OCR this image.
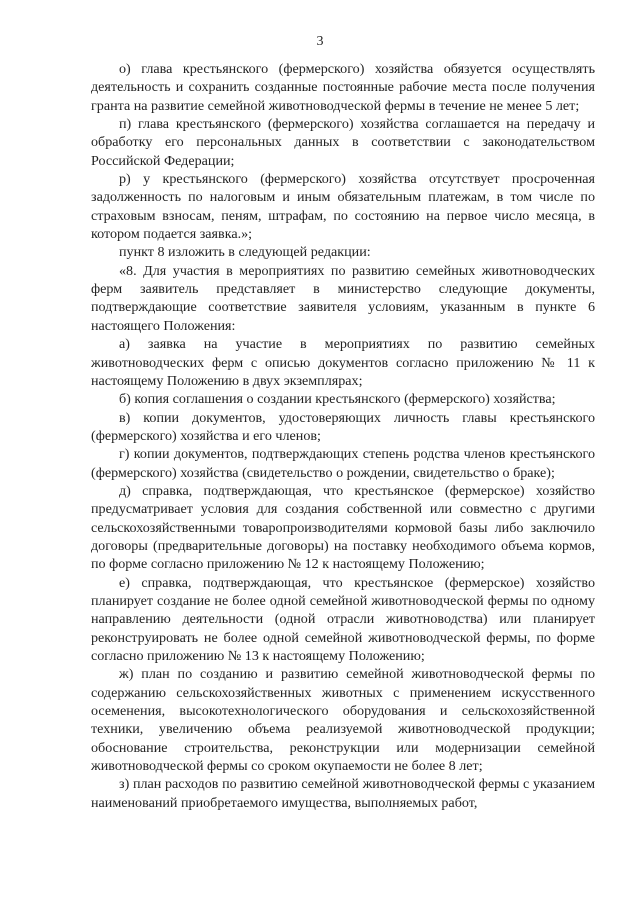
3

о) глава крестьянского (фермерского) хозяйства обязуется осуществлять деятельность и сохранить созданные постоянные рабочие места после получения гранта на развитие семейной животноводческой фермы в течение не менее 5 лет;

п) глава крестьянского (фермерского) хозяйства соглашается на передачу и обработку его персональных данных в соответствии с законодательством Российской Федерации;

р) у крестьянского (фермерского) хозяйства отсутствует просроченная задолженность по налоговым и иным обязательным платежам, в том числе по страховым взносам, пеням, штрафам, по состоянию на первое число месяца, в котором подается заявка.»;

пункт 8 изложить в следующей редакции:

«8. Для участия в мероприятиях по развитию семейных животноводческих ферм заявитель представляет в министерство следующие документы, подтверждающие соответствие заявителя условиям, указанным в пункте 6 настоящего Положения:

а) заявка на участие в мероприятиях по развитию семейных животноводческих ферм с описью документов согласно приложению № 11 к настоящему Положению в двух экземплярах;

б) копия соглашения о создании крестьянского (фермерского) хозяйства;

в) копии документов, удостоверяющих личность главы крестьянского (фермерского) хозяйства и его членов;

г) копии документов, подтверждающих степень родства членов крестьянского (фермерского) хозяйства (свидетельство о рождении, свидетельство о браке);

д) справка, подтверждающая, что крестьянское (фермерское) хозяйство предусматривает условия для создания собственной или совместно с другими сельскохозяйственными товаропроизводителями кормовой базы либо заключило договоры (предварительные договоры) на поставку необходимого объема кормов, по форме согласно приложению № 12 к настоящему Положению;

е) справка, подтверждающая, что крестьянское (фермерское) хозяйство планирует создание не более одной семейной животноводческой фермы по одному направлению деятельности (одной отрасли животноводства) или планирует реконструировать не более одной семейной животноводческой фермы, по форме согласно приложению № 13 к настоящему Положению;

ж) план по созданию и развитию семейной животноводческой фермы по содержанию сельскохозяйственных животных с применением искусственного осеменения, высокотехнологического оборудования и сельскохозяйственной техники, увеличению объема реализуемой животноводческой продукции; обоснование строительства, реконструкции или модернизации семейной животноводческой фермы со сроком окупаемости не более 8 лет;

з) план расходов по развитию семейной животноводческой фермы с указанием наименований приобретаемого имущества, выполняемых работ,
